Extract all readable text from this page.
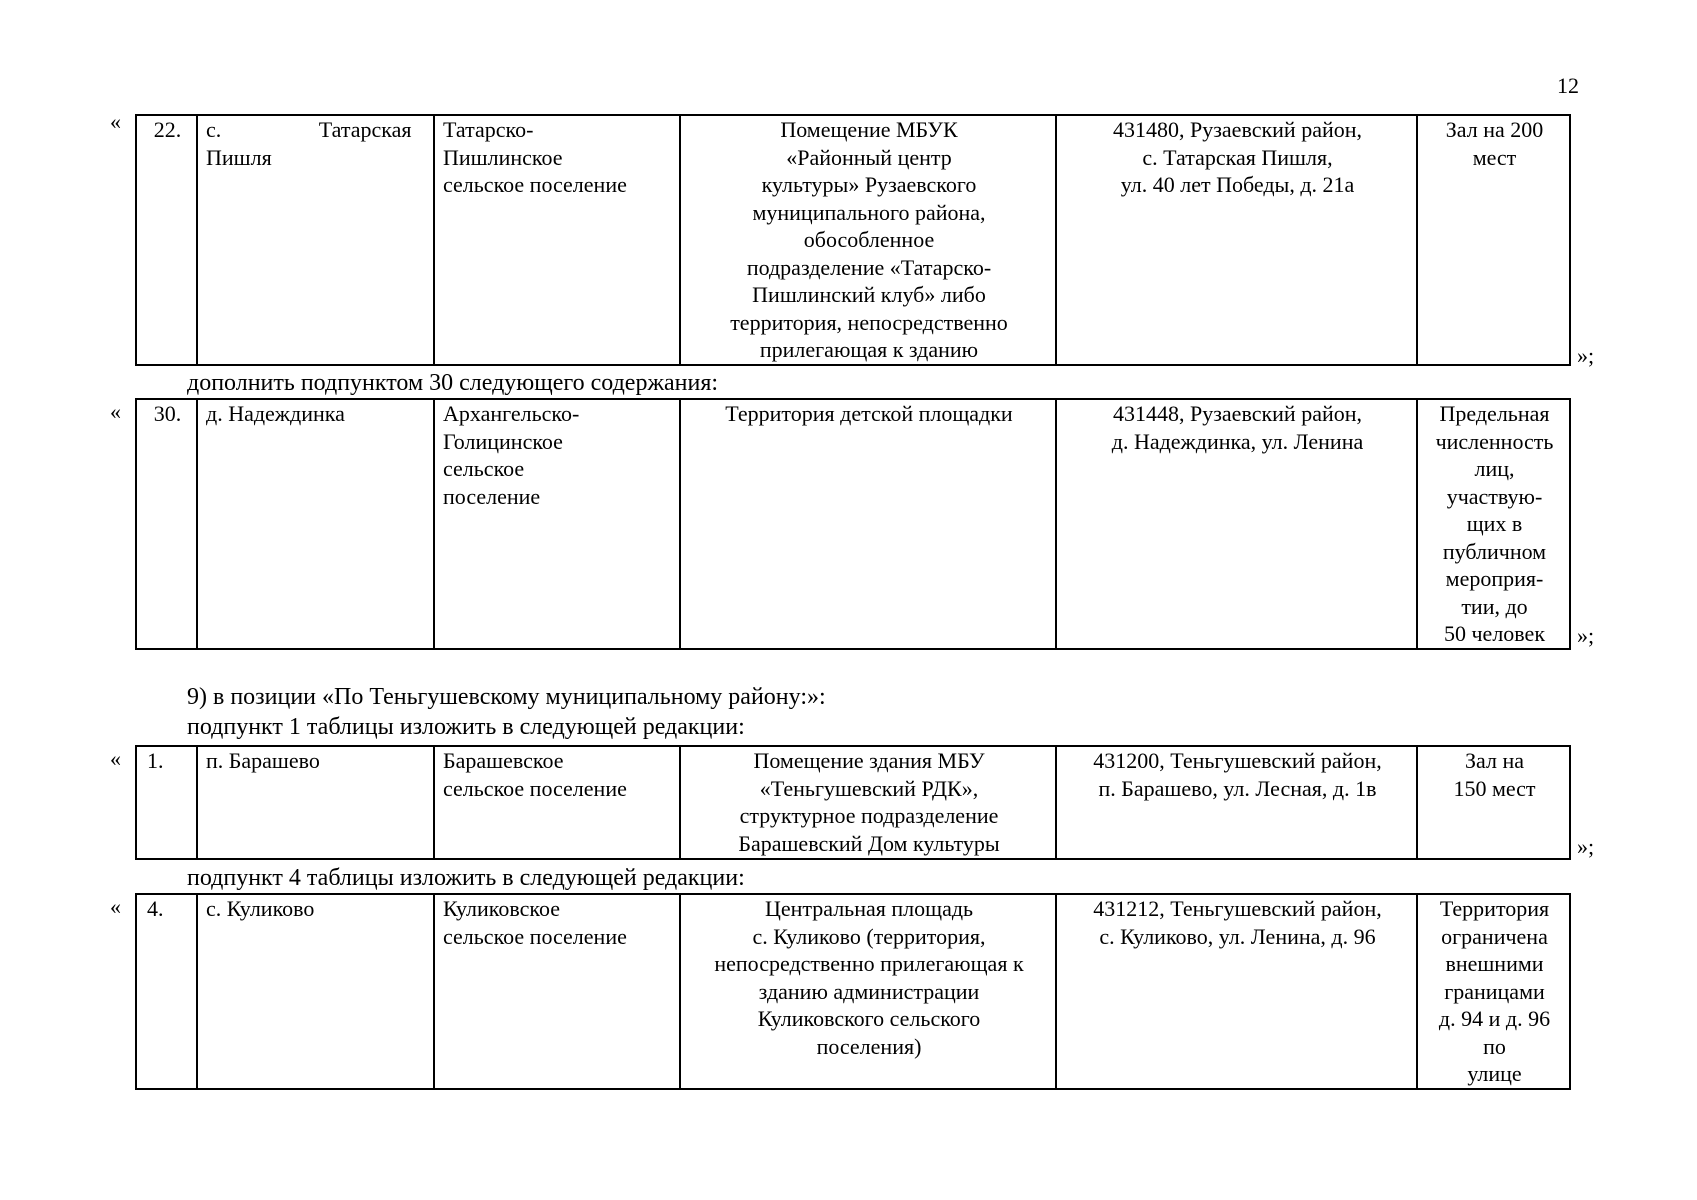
12
« 22.	с. Татарская
Пишля
	Татарско-
Пишлинское
сельское поселение	Помещение МБУК
«Районный центр
культуры» Рузаевского
муниципального района,
обособленное
подразделение «Татарско-
Пишлинский клуб» либо
территория, непосредственно
прилегающая к зданию	431480, Рузаевский район,
с. Татарская Пишля,
ул. 40 лет Победы, д. 21а	Зал на 200
мест
»;
дополнить подпунктом 30 следующего содержания:
« 30.	д. Надеждинка	Архангельско-
Голицинское
сельское
поселение	Территория детской площадки	431448, Рузаевский район,
д. Надеждинка, ул. Ленина	Предельная
численность
лиц,
участвую-
щих в
публичном
мероприя-
тии, до
50 человек »;
9) в позиции «По Теньгушевскому муниципальному району:»:
подпункт 1 таблицы изложить в следующей редакции:
« 1.	п. Барашево	Барашевское
сельское поселение	Помещение здания МБУ
«Теньгушевский РДК»,
структурное подразделение
Барашевский Дом культуры	431200, Теньгушевский район,
п. Барашево, ул. Лесная, д. 1в	Зал на
150 мест
»;
подпункт 4 таблицы изложить в следующей редакции:
« 4.	с. Куликово	Куликовское
сельское поселение	Центральная площадь
с. Куликово (территория,
непосредственно прилегающая к
зданию администрации
Куликовского сельского
поселения)	431212, Теньгушевский район,
с. Куликово, ул. Ленина, д. 96	Территория
ограничена
внешними
границами
д. 94 и д. 96
по
улице
